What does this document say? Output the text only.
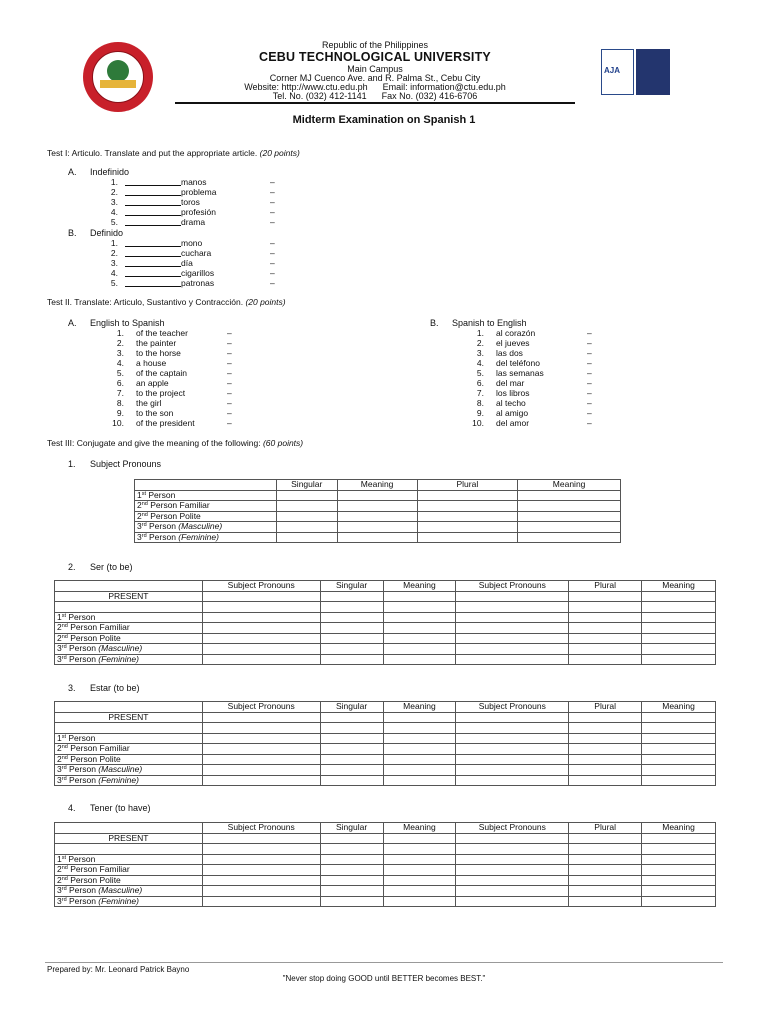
Republic of the Philippines
CEBU TECHNOLOGICAL UNIVERSITY
Main Campus
Corner MJ Cuenco Ave. and R. Palma St., Cebu City
Website: http://www.ctu.edu.ph      Email: information@ctu.edu.ph
Tel. No. (032) 412-1141      Fax No. (032) 416-6706
AJA
UKAS
Midterm Examination on Spanish 1
Test I: Articulo. Translate and put the appropriate article. (20 points)
A. Indefinido
1.	manos	–
2.	problema	–
3.	toros	–
4.	profesión	–
5.	drama	–
B. Definido
1.	mono	–
2.	cuchara	–
3.	día	–
4.	cigarillos	–
5.	patronas	–
Test II. Translate: Articulo, Sustantivo y Contracción. (20 points)
A. English to Spanish
1. of the teacher	–
2. the painter	–
3. to the horse	–
4. a house	–
5. of the captain	–
6. an apple	–
7. to the project	–
8. the girl	–
9. to the son	–
10. of the president	–
B. Spanish to English
1. al corazón	–
2. el jueves	–
3. las dos	–
4. del teléfono	–
5. las semanas	–
6. del mar	–
7. los libros	–
8. al techo	–
9. al amigo	–
10. del amor	–
Test III: Conjugate and give the meaning of the following: (60 points)
1. Subject Pronouns
	Singular	Meaning	Plural	Meaning
1st Person				
2nd Person Familiar				
2nd Person Polite				
3rd Person (Masculine)				
3rd Person (Feminine)				
2. Ser (to be)
	Subject Pronouns	Singular	Meaning	Subject Pronouns	Plural	Meaning
PRESENT						

1st Person						
2nd Person Familiar						
2nd Person Polite						
3rd Person (Masculine)						
3rd Person (Feminine)						
3. Estar (to be)
	Subject Pronouns	Singular	Meaning	Subject Pronouns	Plural	Meaning
PRESENT						

1st Person						
2nd Person Familiar						
2nd Person Polite						
3rd Person (Masculine)						
3rd Person (Feminine)						
4. Tener (to have)
	Subject Pronouns	Singular	Meaning	Subject Pronouns	Plural	Meaning
PRESENT						

1st Person						
2nd Person Familiar						
2nd Person Polite						
3rd Person (Masculine)						
3rd Person (Feminine)						
Prepared by: Mr. Leonard Patrick Bayno
"Never stop doing GOOD until BETTER becomes BEST."
